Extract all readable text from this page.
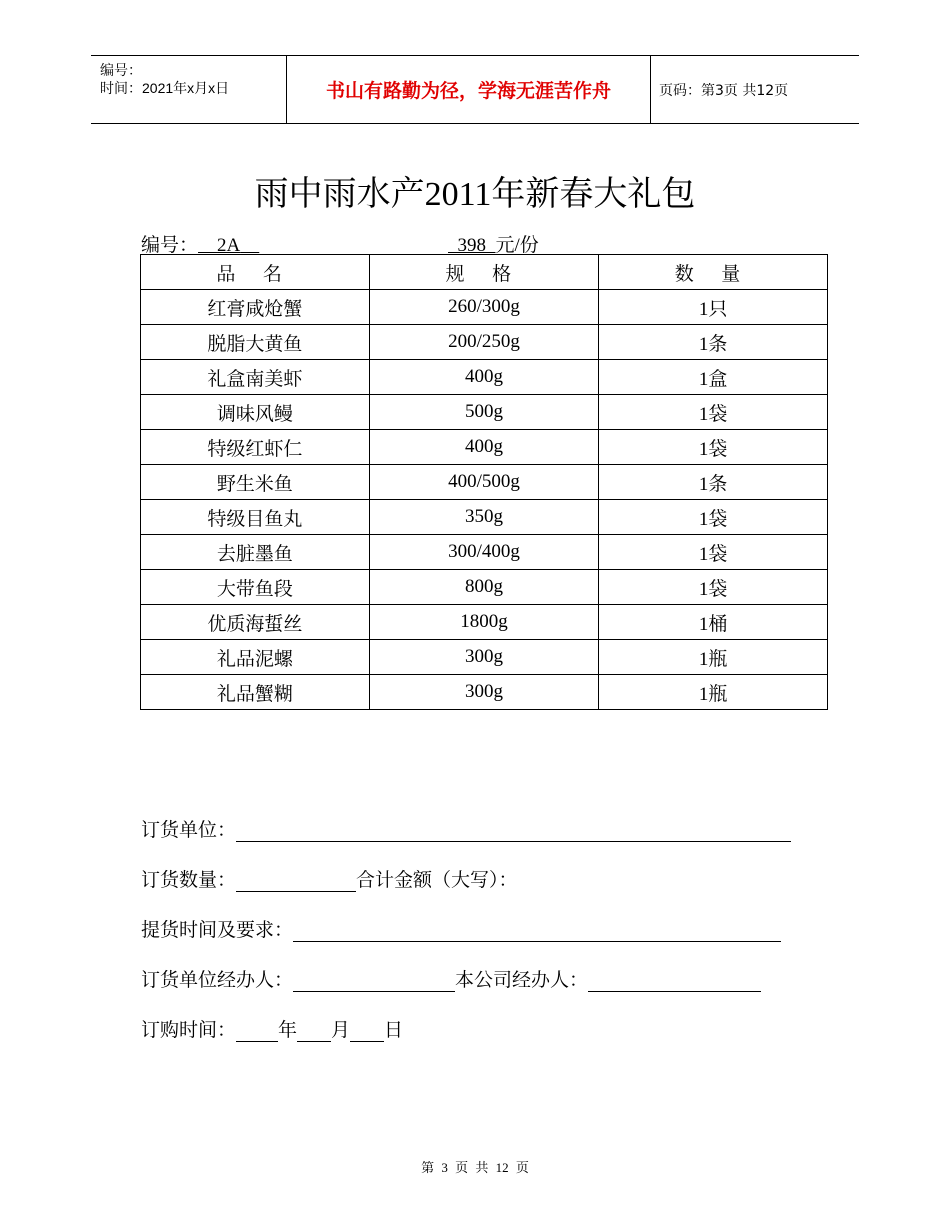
编号：
时间：2021年x月x日	书山有路勤为径，学海无涯苦作舟	页码：第3页 共12页
雨中雨水产2011年新春大礼包
编号：  2A 
 	398  元/份
品 名	规 格	数 量
红膏咸炝蟹	260/300g	1只
脱脂大黄鱼	200/250g	1条
礼盒南美虾	400g	1盒
调味风鳗	500g	1袋
特级红虾仁	400g	1袋
野生米鱼	400/500g	1条
特级目鱼丸	350g	1袋
去脏墨鱼	300/400g	1袋
大带鱼段	800g	1袋
优质海蜇丝	1800g	1桶
礼品泥螺	300g	1瓶
礼品蟹糊	300g	1瓶
订货单位：
订货数量：	合计金额（大写）：
提货时间及要求：
订货单位经办人：	本公司经办人：
订购时间： 年 月 日
第 3 页 共 12 页
